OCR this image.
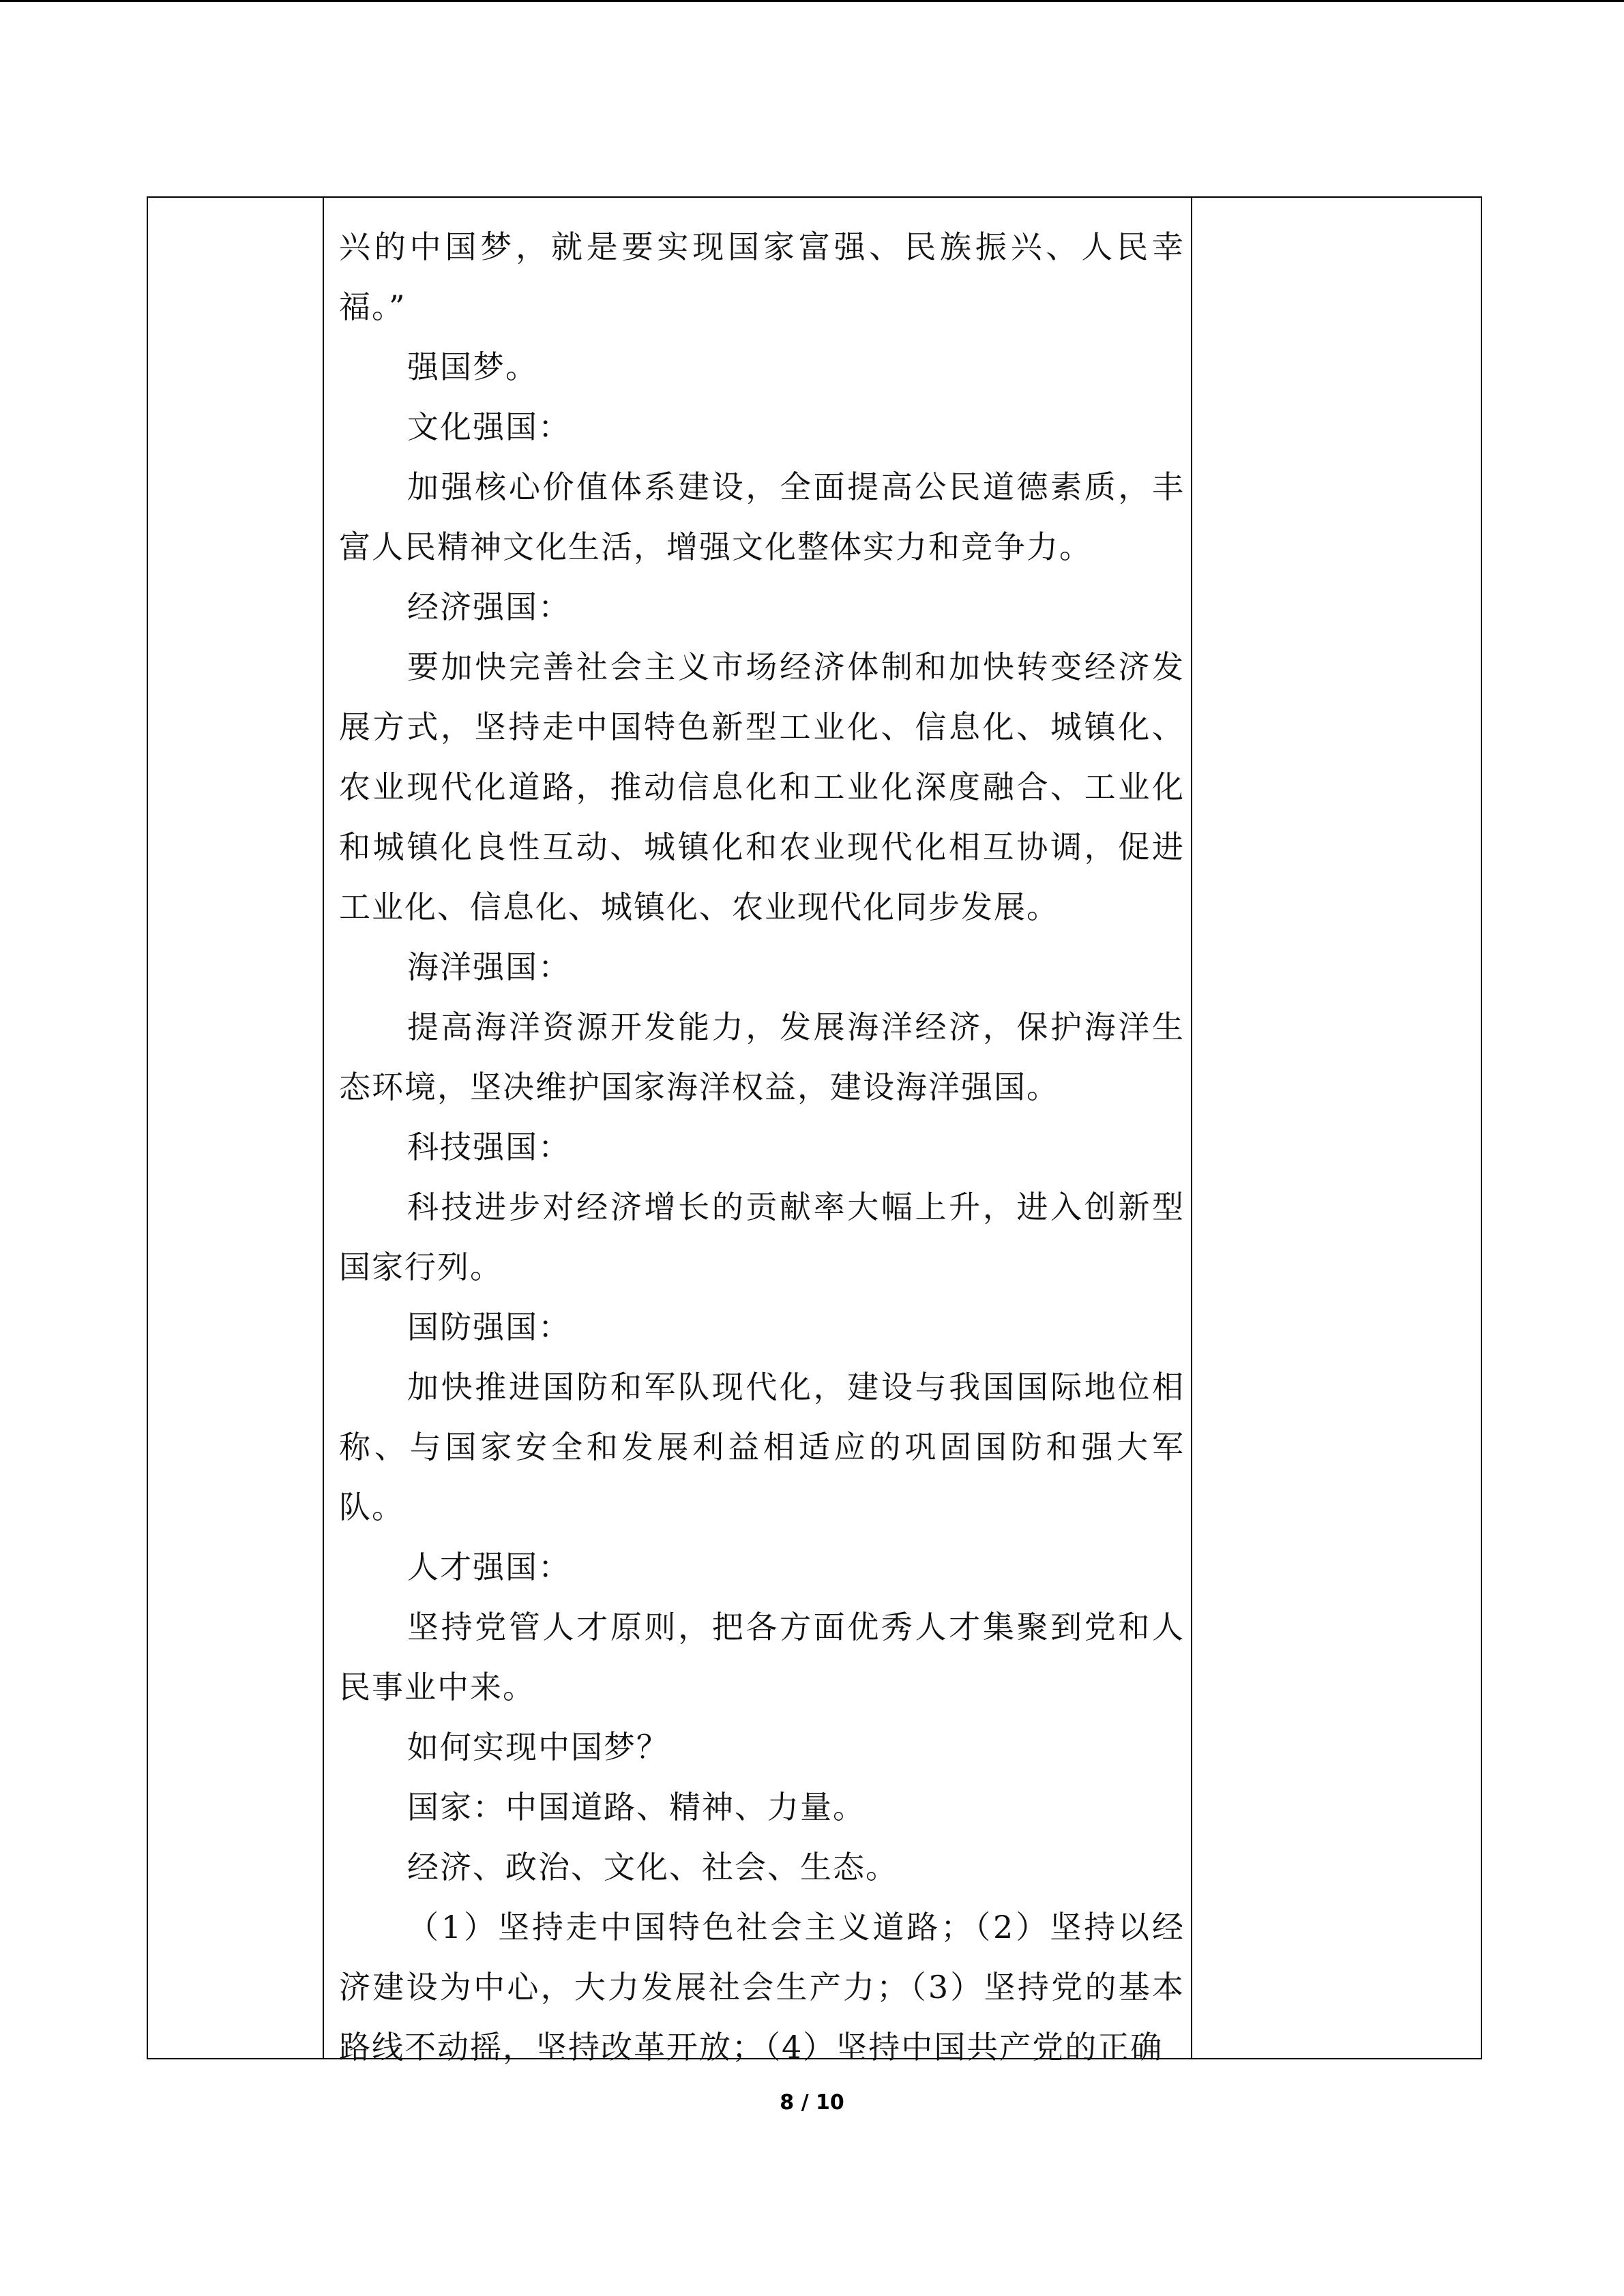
兴的中国梦，就是要实现国家富强、民族振兴、人民幸福。”

强国梦。

文化强国：

加强核心价值体系建设，全面提高公民道德素质，丰富人民精神文化生活，增强文化整体实力和竞争力。

经济强国：

要加快完善社会主义市场经济体制和加快转变经济发展方式，坚持走中国特色新型工业化、信息化、城镇化、农业现代化道路，推动信息化和工业化深度融合、工业化和城镇化良性互动、城镇化和农业现代化相互协调，促进工业化、信息化、城镇化、农业现代化同步发展。

海洋强国：

提高海洋资源开发能力，发展海洋经济，保护海洋生态环境，坚决维护国家海洋权益，建设海洋强国。

科技强国：

科技进步对经济增长的贡献率大幅上升，进入创新型国家行列。

国防强国：

加快推进国防和军队现代化，建设与我国国际地位相称、与国家安全和发展利益相适应的巩固国防和强大军队。

人才强国：

坚持党管人才原则，把各方面优秀人才集聚到党和人民事业中来。

如何实现中国梦？

国家：中国道路、精神、力量。

经济、政治、文化、社会、生态。

（1）坚持走中国特色社会主义道路；（2）坚持以经济建设为中心，大力发展社会生产力；（3）坚持党的基本路线不动摇，坚持改革开放；（4）坚持中国共产党的正确

8 / 10
